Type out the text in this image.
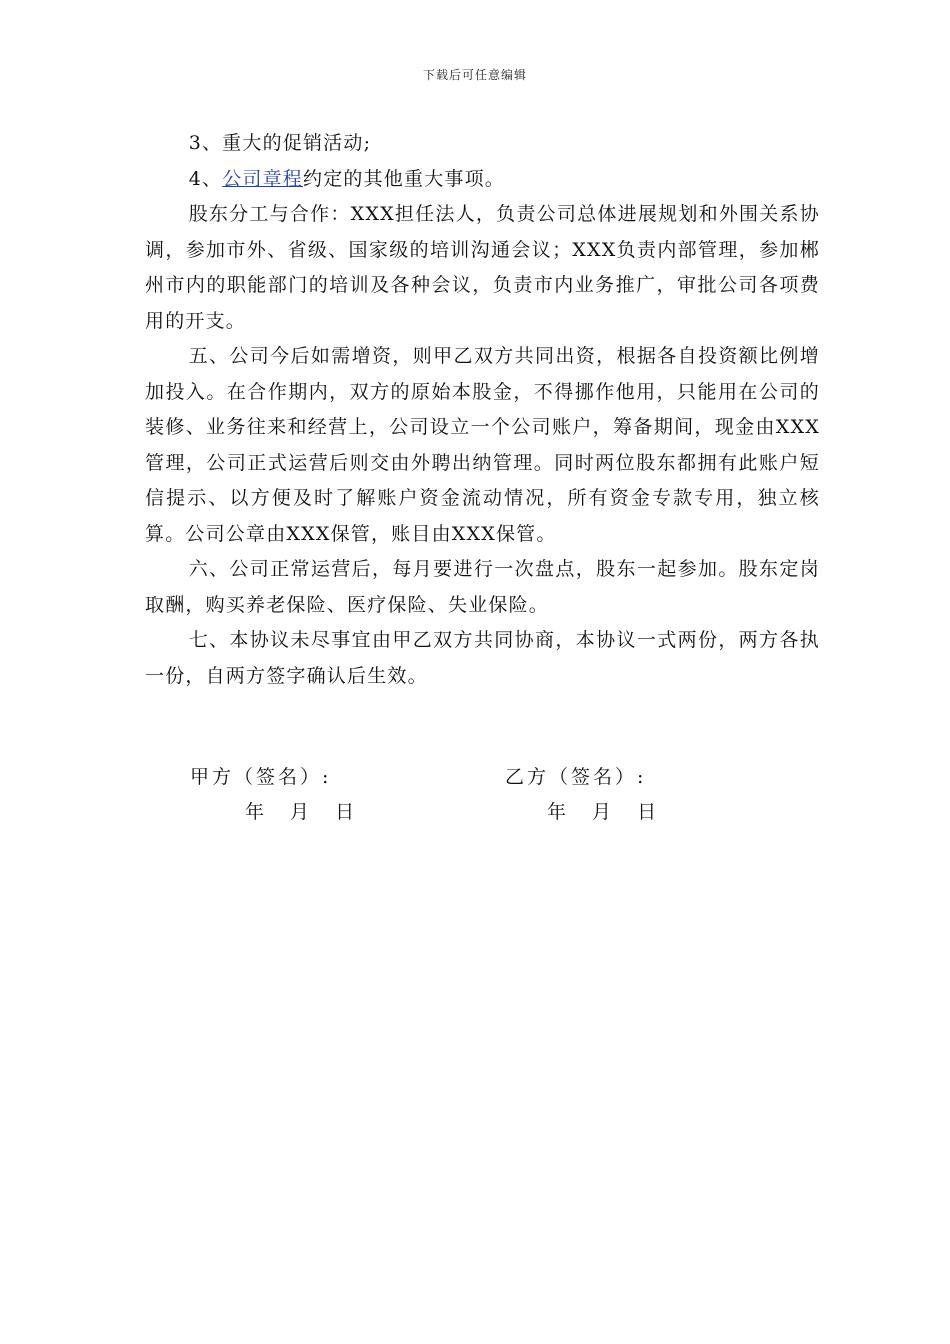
下载后可任意编辑

3、重大的促销活动;

4、公司章程约定的其他重大事项。

股东分工与合作：XXX担任法人，负责公司总体进展规划和外围关系协调，参加市外、省级、国家级的培训沟通会议；XXX负责内部管理，参加郴州市内的职能部门的培训及各种会议，负责市内业务推广，审批公司各项费用的开支。

五、公司今后如需增资，则甲乙双方共同出资，根据各自投资额比例增加投入。在合作期内，双方的原始本股金，不得挪作他用，只能用在公司的装修、业务往来和经营上，公司设立一个公司账户，筹备期间，现金由XXX管理，公司正式运营后则交由外聘出纳管理。同时两位股东都拥有此账户短信提示、以方便及时了解账户资金流动情况，所有资金专款专用，独立核算。公司公章由XXX保管，账目由XXX保管。

六、公司正常运营后，每月要进行一次盘点，股东一起参加。股东定岗取酬，购买养老保险、医疗保险、失业保险。

七、本协议未尽事宜由甲乙双方共同协商，本协议一式两份，两方各执一份，自两方签字确认后生效。

甲方（签名）:
年 月 日
乙方（签名）:
年 月 日
